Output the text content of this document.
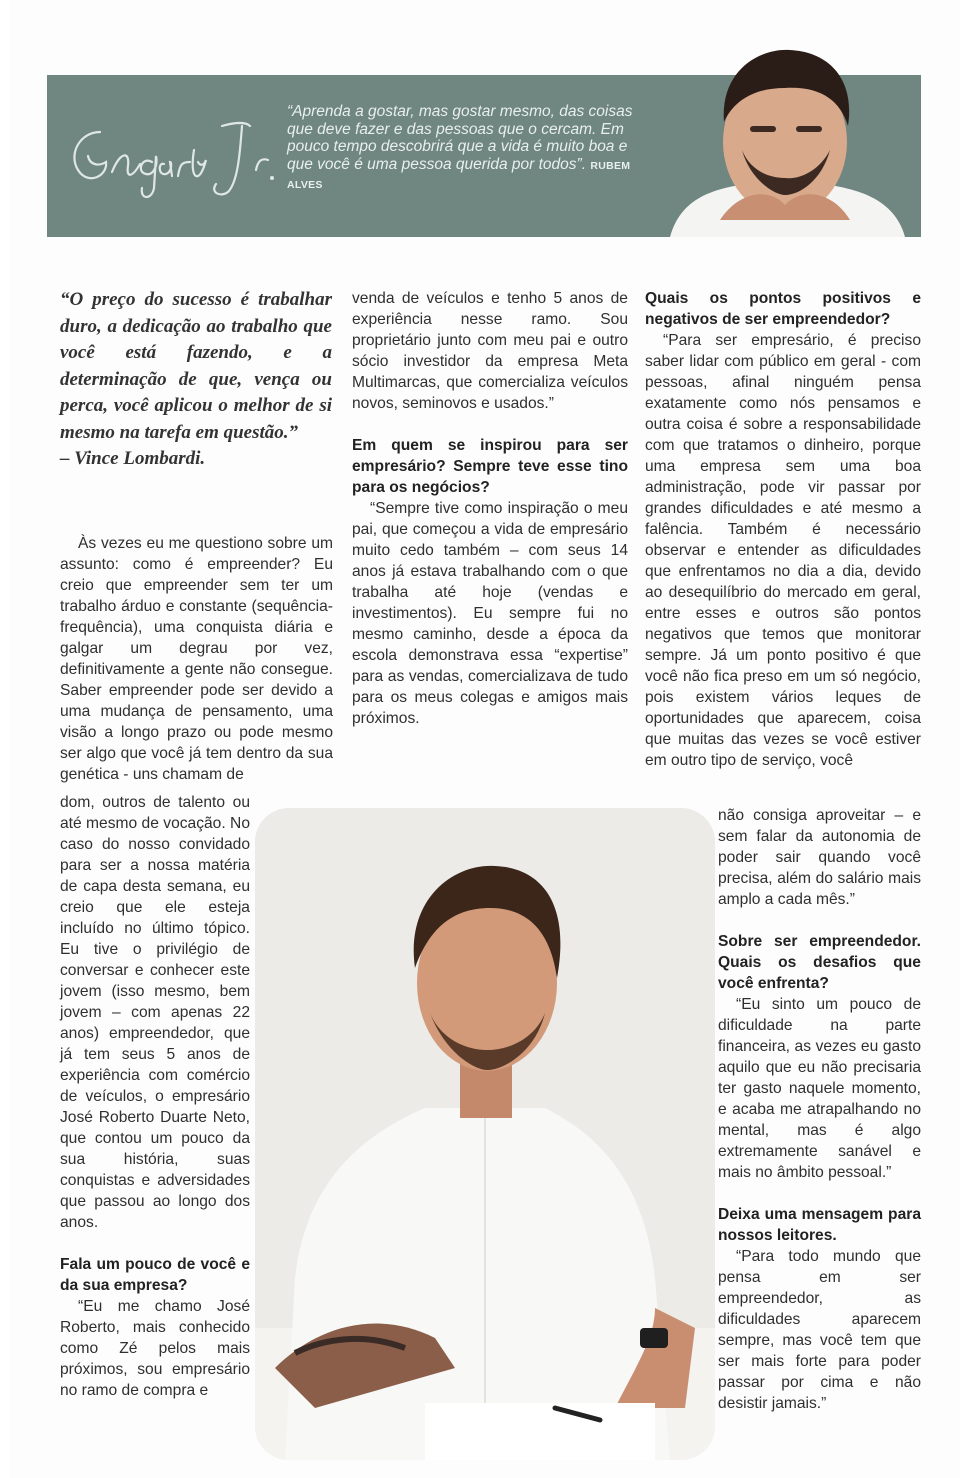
“Aprenda a gostar, mas gostar mesmo, das coisas que deve fazer e das pessoas que o cercam. Em pouco tempo descobrirá que a vida é muito boa e que você é uma pessoa querida por todos”. RUBEM ALVES
“O preço do sucesso é trabalhar duro, a dedicação ao trabalho que você está fazendo, e a determinação de que, vença ou perca, você aplicou o melhor de si mesmo na tarefa em questão.”
– Vince Lombardi.

Às vezes eu me questiono sobre um assunto: como é empreender? Eu creio que empreender sem ter um trabalho árduo e constante (sequência-frequência), uma conquista diária e galgar um degrau por vez, definitivamente a gente não consegue. Saber empreender pode ser devido a uma mudança de pensamento, uma visão a longo prazo ou pode mesmo ser algo que você já tem dentro da sua genética - uns chamam de

dom, outros de talento ou até mesmo de vocação. No caso do nosso convidado para ser a nossa matéria de capa desta semana, eu creio que ele esteja incluído no último tópico. Eu tive o privilégio de conversar e conhecer este jovem (isso mesmo, bem jovem – com apenas 22 anos) empreendedor, que já tem seus 5 anos de experiência com comércio de veículos, o empresário José Roberto Duarte Neto, que contou um pouco da sua história, suas conquistas e adversidades que passou ao longo dos anos.

Fala um pouco de você e da sua empresa?

“Eu me chamo José Roberto, mais conhecido como Zé pelos mais próximos, sou empresário no ramo de compra e

venda de veículos e tenho 5 anos de experiência nesse ramo. Sou proprietário junto com meu pai e outro sócio investidor da empresa Meta Multimarcas, que comercializa veículos novos, seminovos e usados.”

Em quem se inspirou para ser empresário? Sempre teve esse tino para os negócios?

“Sempre tive como inspiração o meu pai, que começou a vida de empresário muito cedo também – com seus 14 anos já estava trabalhando com o que trabalha até hoje (vendas e investimentos). Eu sempre fui no mesmo caminho, desde a época da escola demonstrava essa “expertise” para as vendas, comercializava de tudo para os meus colegas e amigos mais próximos.

Quais os pontos positivos e negativos de ser empreendedor?

“Para ser empresário, é preciso saber lidar com público em geral - com pessoas, afinal ninguém pensa exatamente como nós pensamos e outra coisa é sobre a responsabilidade com que tratamos o dinheiro, porque uma empresa sem uma boa administração, pode vir passar por grandes dificuldades e até mesmo a falência. Também é necessário observar e entender as dificuldades que enfrentamos no dia a dia, devido ao desequilíbrio do mercado em geral, entre esses e outros são pontos negativos que temos que monitorar sempre. Já um ponto positivo é que você não fica preso em um só negócio, pois existem vários leques de oportunidades que aparecem, coisa que muitas das vezes se você estiver em outro tipo de serviço, você

não consiga aproveitar – e sem falar da autonomia de poder sair quando você precisa, além do salário mais amplo a cada mês.”

Sobre ser empreendedor. Quais os desafios que você enfrenta?

“Eu sinto um pouco de dificuldade na parte financeira, as vezes eu gasto aquilo que eu não precisaria ter gasto naquele momento, e acaba me atrapalhando no mental, mas é algo extremamente sanável e mais no âmbito pessoal.”

Deixa uma mensagem para nossos leitores.

“Para todo mundo que pensa em ser empreendedor, as dificuldades aparecem sempre, mas você tem que ser mais forte para poder passar por cima e não desistir jamais.”
